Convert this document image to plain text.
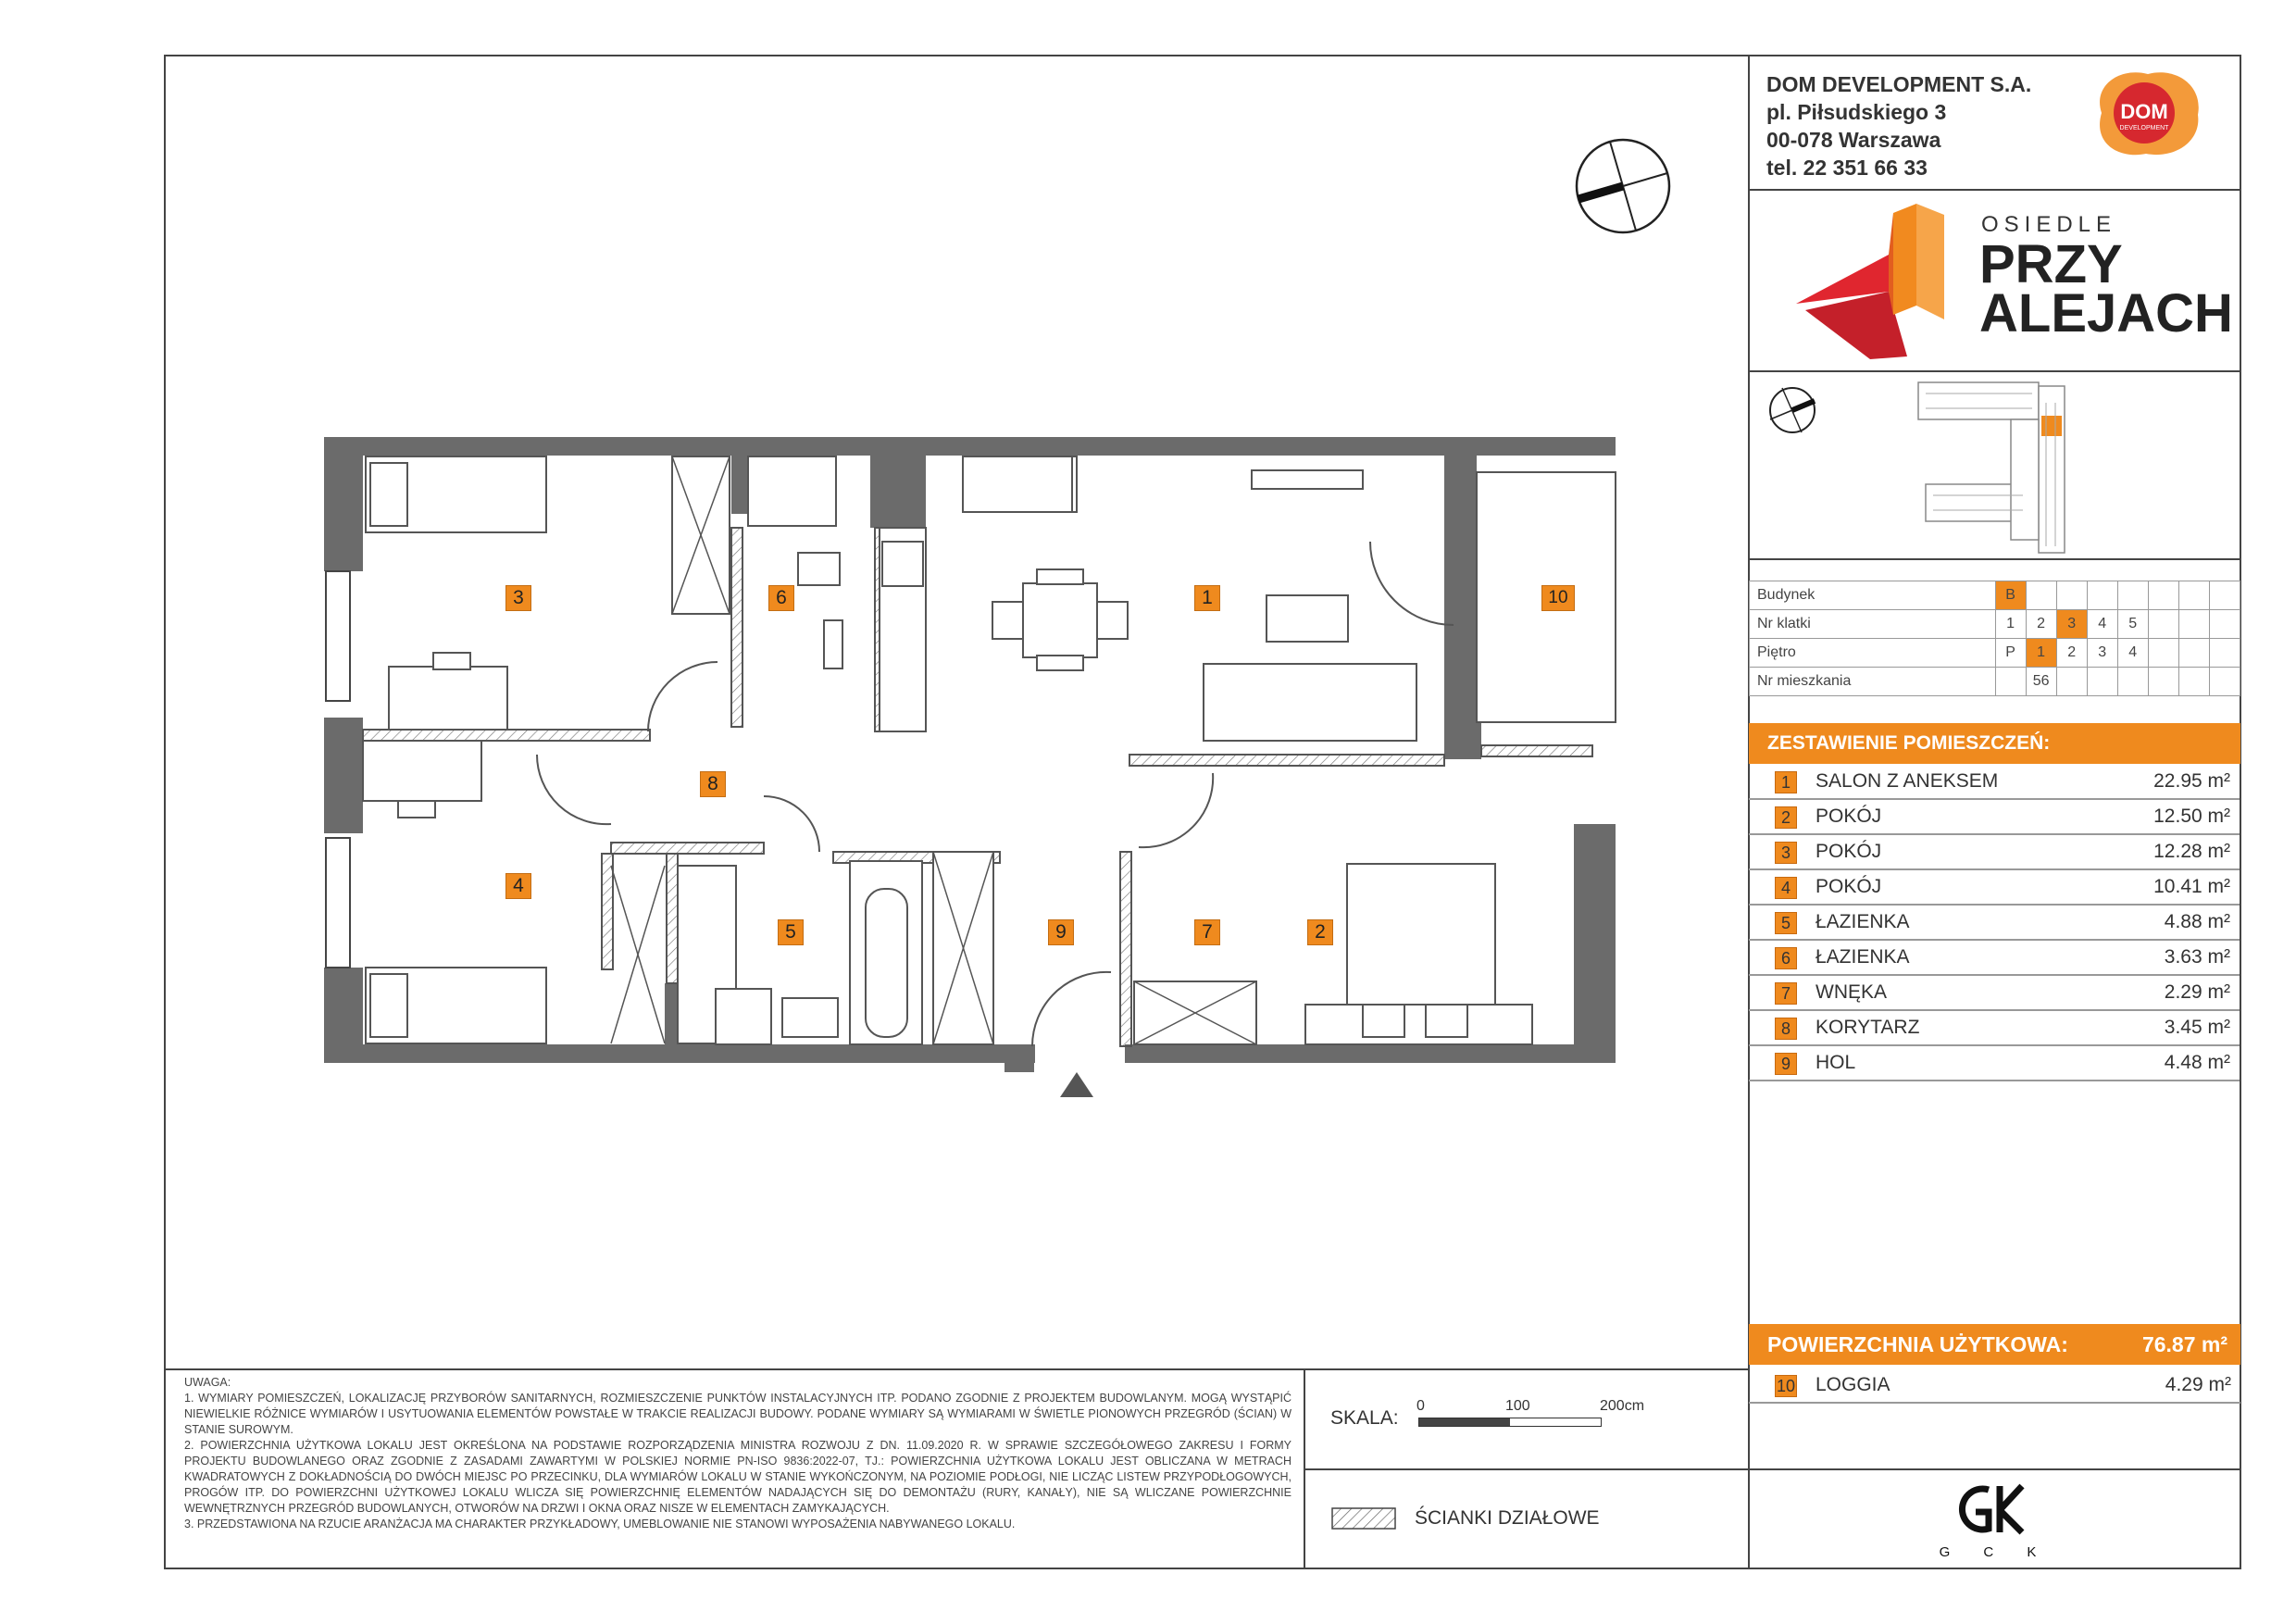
DOM DEVELOPMENT S.A.
pl. Piłsudskiego 3
00-078 Warszawa
tel. 22 351 66 33
DOM
DEVELOPMENT
OSIEDLE
PRZY
ALEJACH
Budynek	B							
Nr klatki	1	2	3	4	5			
Piętro	P	1	2	3	4			
Nr mieszkania		56						
ZESTAWIENIE POMIESZCZEŃ:
1	SALON Z ANEKSEM	22.95 m²
2	POKÓJ	12.50 m²
3	POKÓJ	12.28 m²
4	POKÓJ	10.41 m²
5	ŁAZIENKA	4.88 m²
6	ŁAZIENKA	3.63 m²
7	WNĘKA	2.29 m²
8	KORYTARZ	3.45 m²
9	HOL	4.48 m²
POWIERZCHNIA UŻYTKOWA:	76.87 m²
10 LOGGIA	4.29 m²
3	6	1	10
8
4
5	9	7	2

UWAGA:

1. WYMIARY POMIESZCZEŃ, LOKALIZACJĘ PRZYBORÓW SANITARNYCH, ROZMIESZCZENIE PUNKTÓW INSTALACYJNYCH ITP. PODANO ZGODNIE Z PROJEKTEM BUDOWLANYM. MOGĄ WYSTĄPIĆ NIEWIELKIE RÓŻNICE WYMIARÓW I USYTUOWANIA ELEMENTÓW POWSTAŁE W TRAKCIE REALIZACJI BUDOWY. PODANE WYMIARY SĄ WYMIARAMI W ŚWIETLE PIONOWYCH PRZEGRÓD (ŚCIAN) W STANIE SUROWYM.

2. POWIERZCHNIA UŻYTKOWA LOKALU JEST OKREŚLONA NA PODSTAWIE ROZPORZĄDZENIA MINISTRA ROZWOJU Z DN. 11.09.2020 R. W SPRAWIE SZCZEGÓŁOWEGO ZAKRESU I FORMY PROJEKTU BUDOWLANEGO ORAZ ZGODNIE Z ZASADAMI ZAWARTYMI W POLSKIEJ NORMIE PN-ISO 9836:2022-07, TJ.: POWIERZCHNIA UŻYTKOWA LOKALU JEST OBLICZANA W METRACH KWADRATOWYCH Z DOKŁADNOŚCIĄ DO DWÓCH MIEJSC PO PRZECINKU, DLA WYMIARÓW LOKALU W STANIE WYKOŃCZONYM, NA POZIOMIE PODŁOGI, NIE LICZĄC LISTEW PRZYPODŁOGOWYCH, PROGÓW ITP. DO POWIERZCHNI UŻYTKOWEJ LOKALU WLICZA SIĘ POWIERZCHNIĘ ELEMENTÓW NADAJĄCYCH SIĘ DO DEMONTAŻU (RURY, KANAŁY), NIE SĄ WLICZANE POWIERZCHNIE WEWNĘTRZNYCH PRZEGRÓD BUDOWLANYCH, OTWORÓW NA DRZWI I OKNA ORAZ NISZE W ELEMENTACH ZAMYKAJĄCYCH.

3. PRZEDSTAWIONA NA RZUCIE ARANŻACJA MA CHARAKTER PRZYKŁADOWY, UMEBLOWANIE NIE STANOWI WYPOSAŻENIA NABYWANEGO LOKALU.

SKALA:
0	100	200cm
ŚCIANKI DZIAŁOWE
G C K
